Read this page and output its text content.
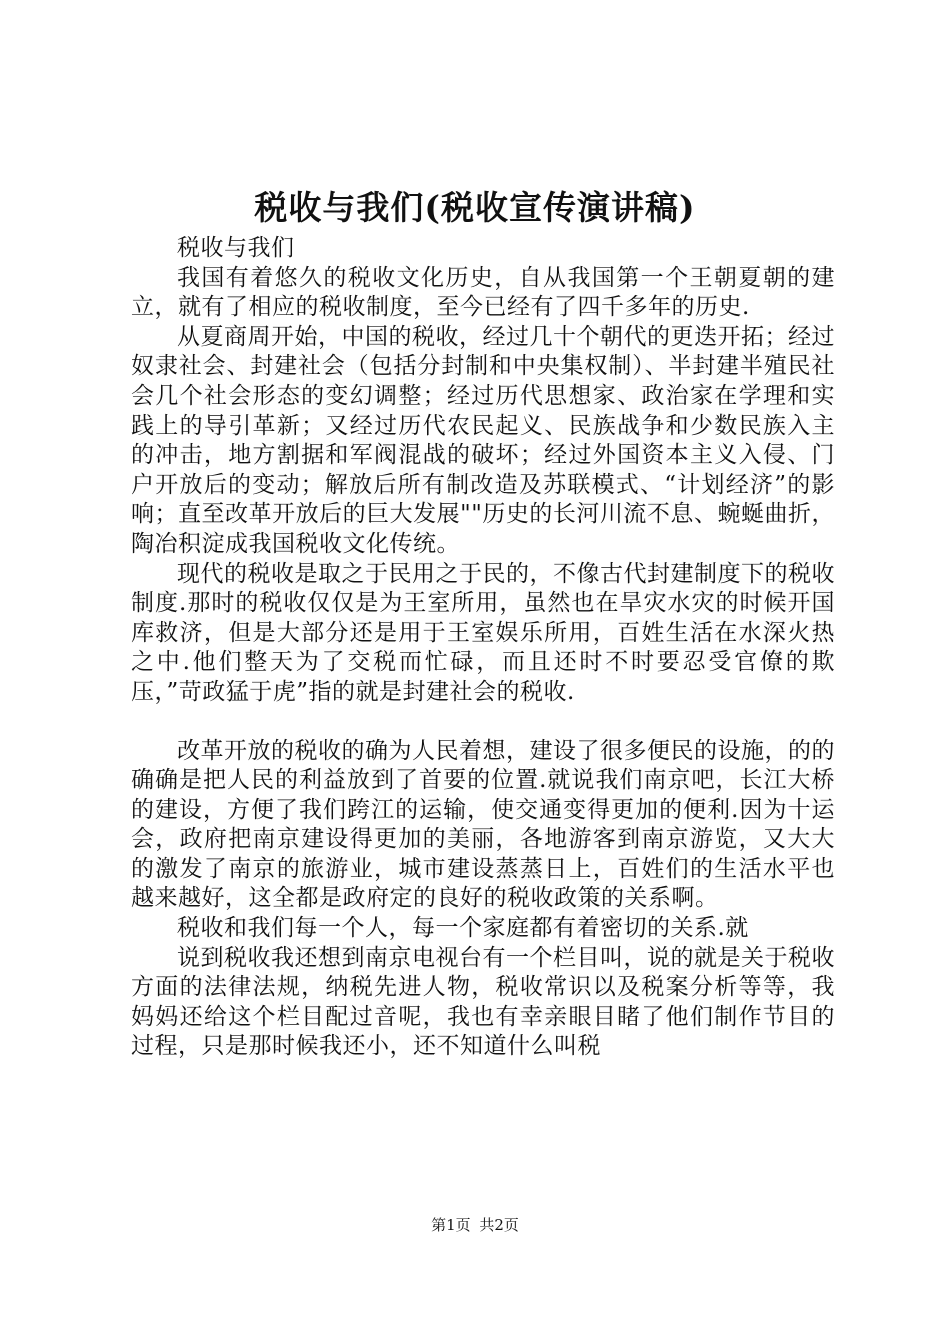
税收与我们(税收宣传演讲稿)

税收与我们

我国有着悠久的税收文化历史，自从我国第一个王朝夏朝的建立，就有了相应的税收制度，至今已经有了四千多年的历史.

从夏商周开始，中国的税收，经过几十个朝代的更迭开拓；经过奴隶社会、封建社会（包括分封制和中央集权制）、半封建半殖民社会几个社会形态的变幻调整；经过历代思想家、政治家在学理和实践上的导引革新；又经过历代农民起义、民族战争和少数民族入主的冲击，地方割据和军阀混战的破坏；经过外国资本主义入侵、门户开放后的变动；解放后所有制改造及苏联模式、“计划经济”的影响；直至改革开放后的巨大发展""历史的长河川流不息、蜿蜒曲折，陶冶积淀成我国税收文化传统。

现代的税收是取之于民用之于民的，不像古代封建制度下的税收制度.那时的税收仅仅是为王室所用，虽然也在旱灾水灾的时候开国库救济，但是大部分还是用于王室娱乐所用，百姓生活在水深火热之中.他们整天为了交税而忙碌，而且还时不时要忍受官僚的欺压，”苛政猛于虎”指的就是封建社会的税收.

改革开放的税收的确为人民着想，建设了很多便民的设施，的的确确是把人民的利益放到了首要的位置.就说我们南京吧，长江大桥的建设，方便了我们跨江的运输，使交通变得更加的便利.因为十运会，政府把南京建设得更加的美丽，各地游客到南京游览，又大大的激发了南京的旅游业，城市建设蒸蒸日上，百姓们的生活水平也越来越好，这全都是政府定的良好的税收政策的关系啊。

税收和我们每一个人，每一个家庭都有着密切的关系.就

说到税收我还想到南京电视台有一个栏目叫，说的就是关于税收方面的法律法规，纳税先进人物，税收常识以及税案分析等等，我妈妈还给这个栏目配过音呢，我也有幸亲眼目睹了他们制作节目的过程，只是那时候我还小，还不知道什么叫税

第1页 共2页
